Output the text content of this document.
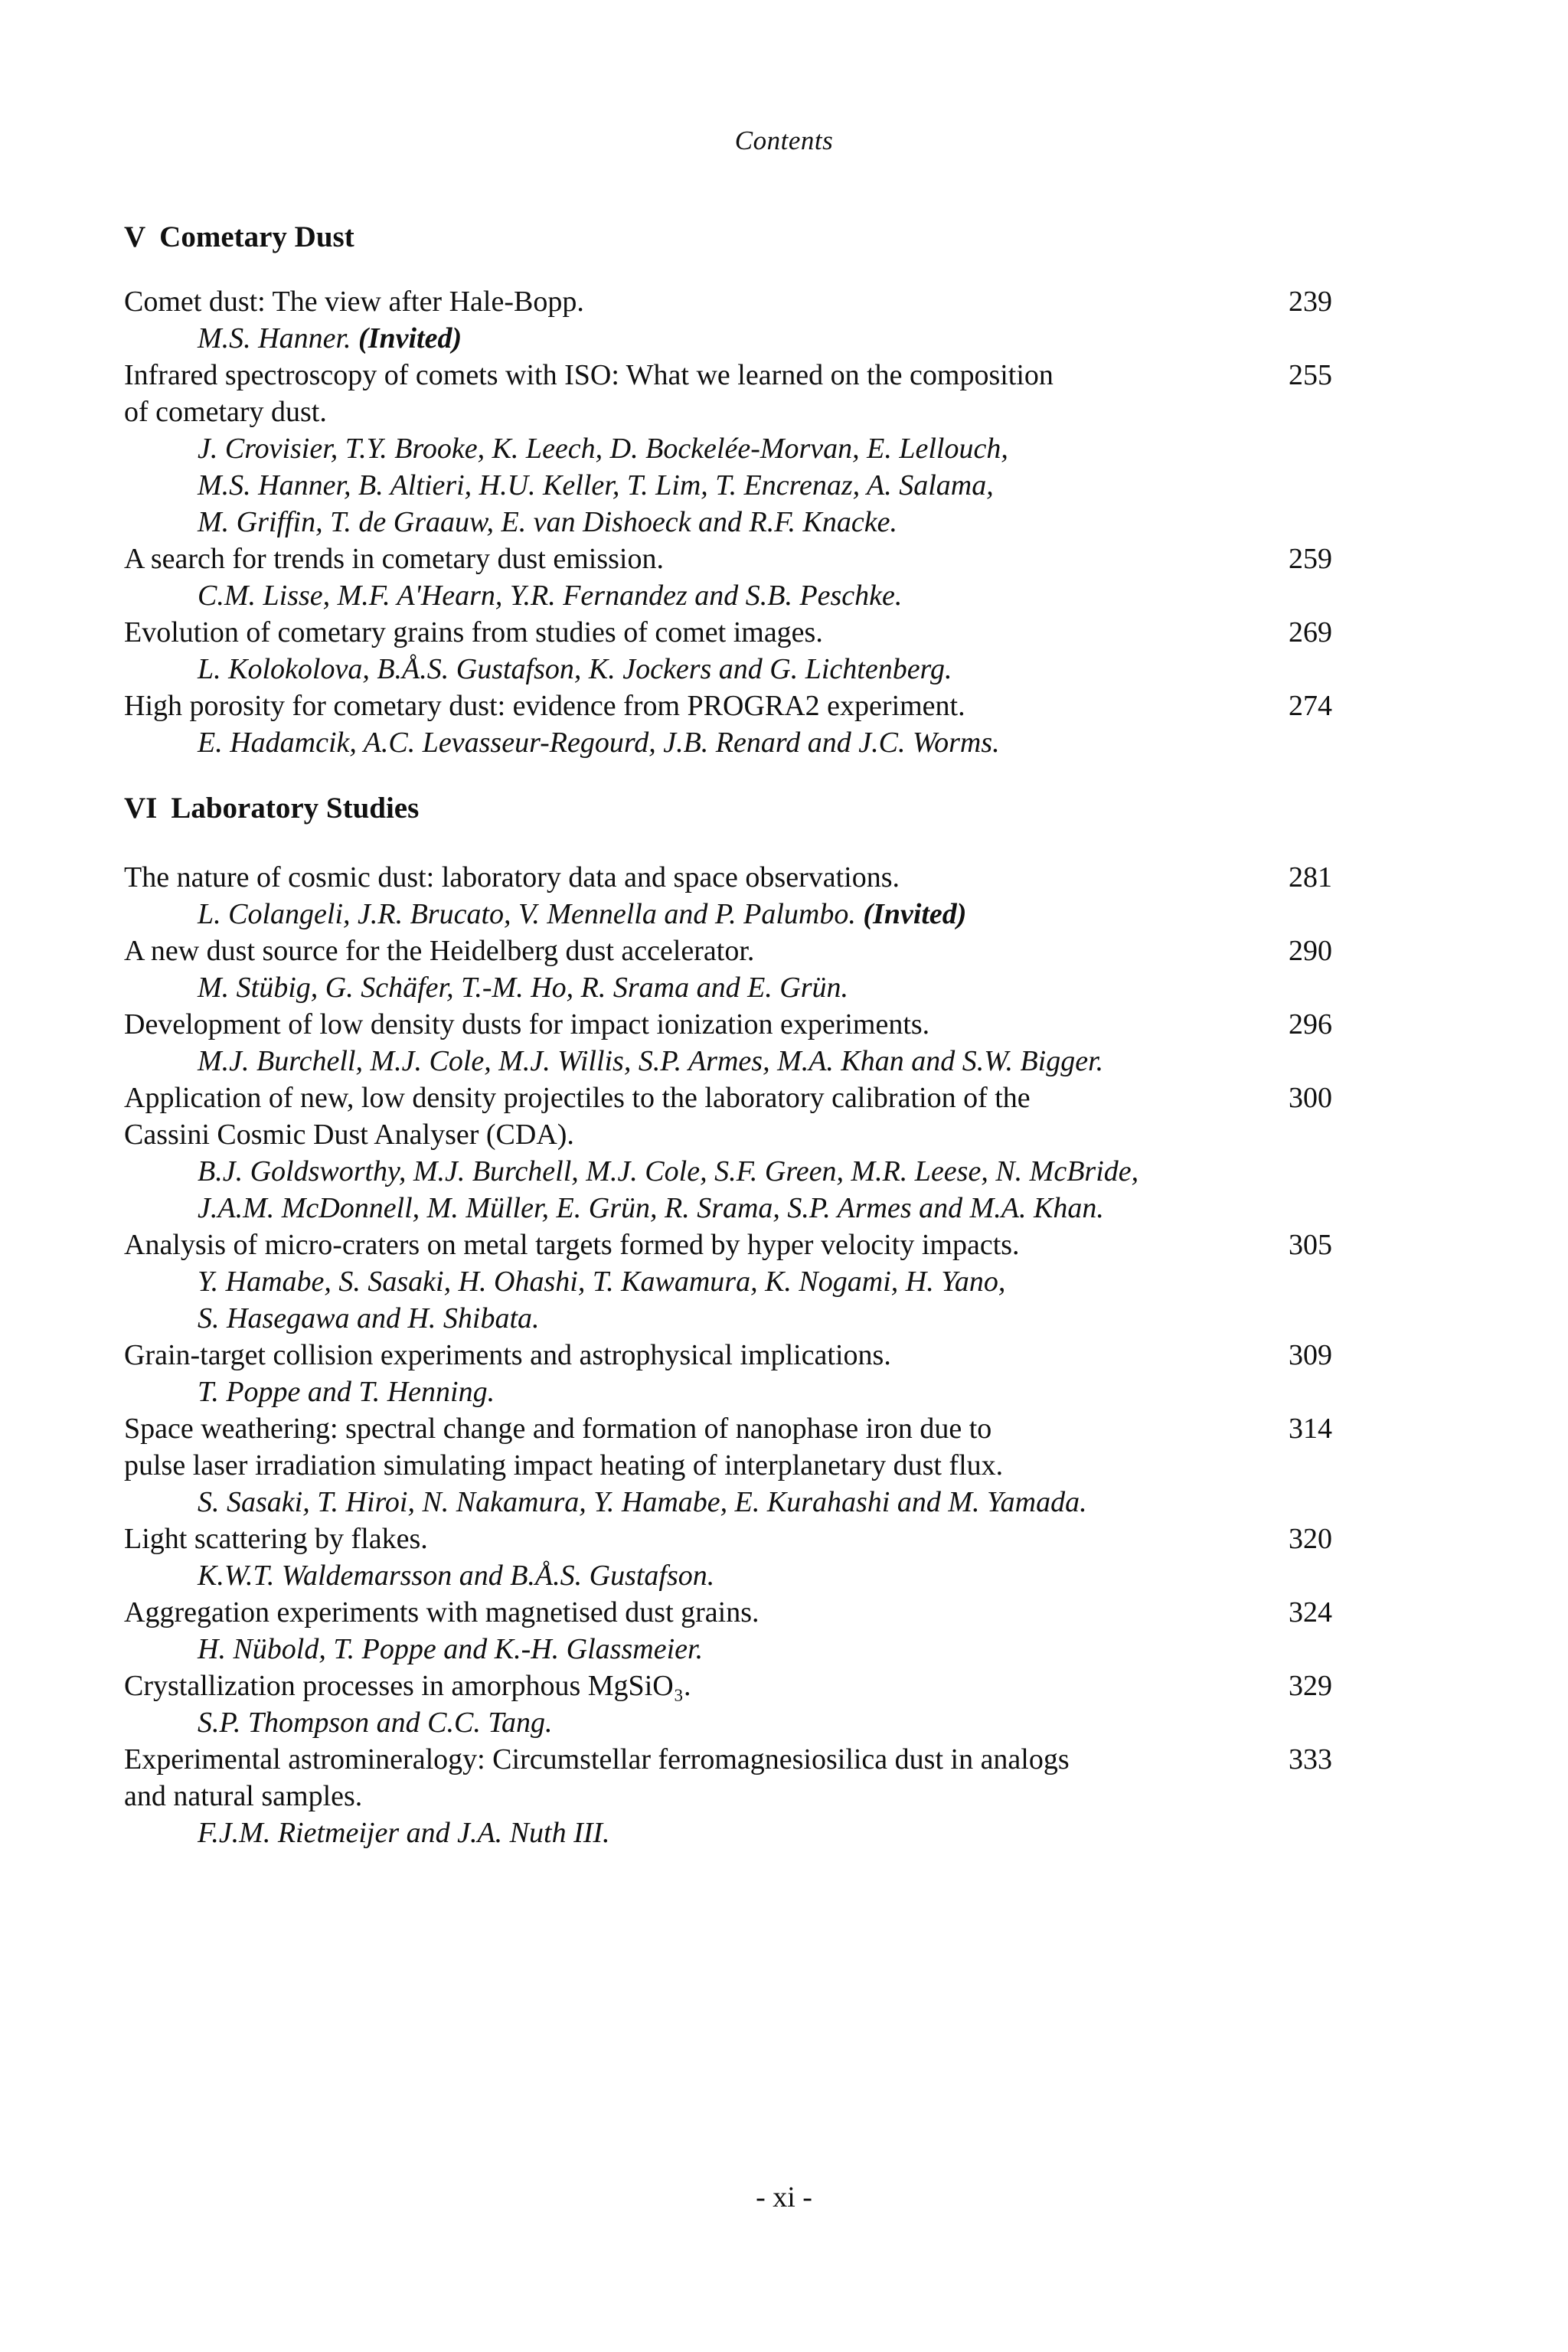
Contents
V Cometary Dust
239
Comet dust: The view after Hale-Bopp.
M.S. Hanner. (Invited)
255
Infrared spectroscopy of comets with ISO: What we learned on the composition
of cometary dust.
J. Crovisier, T.Y. Brooke, K. Leech, D. Bockelée-Morvan, E. Lellouch,
M.S. Hanner, B. Altieri, H.U. Keller, T. Lim, T. Encrenaz, A. Salama,
M. Griffin, T. de Graauw, E. van Dishoeck and R.F. Knacke.
259
A search for trends in cometary dust emission.
C.M. Lisse, M.F. A'Hearn, Y.R. Fernandez and S.B. Peschke.
269
Evolution of cometary grains from studies of comet images.
L. Kolokolova, B.Å.S. Gustafson, K. Jockers and G. Lichtenberg.
274
High porosity for cometary dust: evidence from PROGRA2 experiment.
E. Hadamcik, A.C. Levasseur-Regourd, J.B. Renard and J.C. Worms.
VI Laboratory Studies
281
The nature of cosmic dust: laboratory data and space observations.
L. Colangeli, J.R. Brucato, V. Mennella and P. Palumbo. (Invited)
290
A new dust source for the Heidelberg dust accelerator.
M. Stübig, G. Schäfer, T.-M. Ho, R. Srama and E. Grün.
296
Development of low density dusts for impact ionization experiments.
M.J. Burchell, M.J. Cole, M.J. Willis, S.P. Armes, M.A. Khan and S.W. Bigger.
300
Application of new, low density projectiles to the laboratory calibration of the
Cassini Cosmic Dust Analyser (CDA).
B.J. Goldsworthy, M.J. Burchell, M.J. Cole, S.F. Green, M.R. Leese, N. McBride,
J.A.M. McDonnell, M. Müller, E. Grün, R. Srama, S.P. Armes and M.A. Khan.
305
Analysis of micro-craters on metal targets formed by hyper velocity impacts.
Y. Hamabe, S. Sasaki, H. Ohashi, T. Kawamura, K. Nogami, H. Yano,
S. Hasegawa and H. Shibata.
309
Grain-target collision experiments and astrophysical implications.
T. Poppe and T. Henning.
314
Space weathering: spectral change and formation of nanophase iron due to
pulse laser irradiation simulating impact heating of interplanetary dust flux.
S. Sasaki, T. Hiroi, N. Nakamura, Y. Hamabe, E. Kurahashi and M. Yamada.
320
Light scattering by flakes.
K.W.T. Waldemarsson and B.Å.S. Gustafson.
324
Aggregation experiments with magnetised dust grains.
H. Nübold, T. Poppe and K.-H. Glassmeier.
329
Crystallization processes in amorphous MgSiO₃.
S.P. Thompson and C.C. Tang.
333
Experimental astromineralogy: Circumstellar ferromagnesiosilica dust in analogs
and natural samples.
F.J.M. Rietmeijer and J.A. Nuth III.
- xi -
